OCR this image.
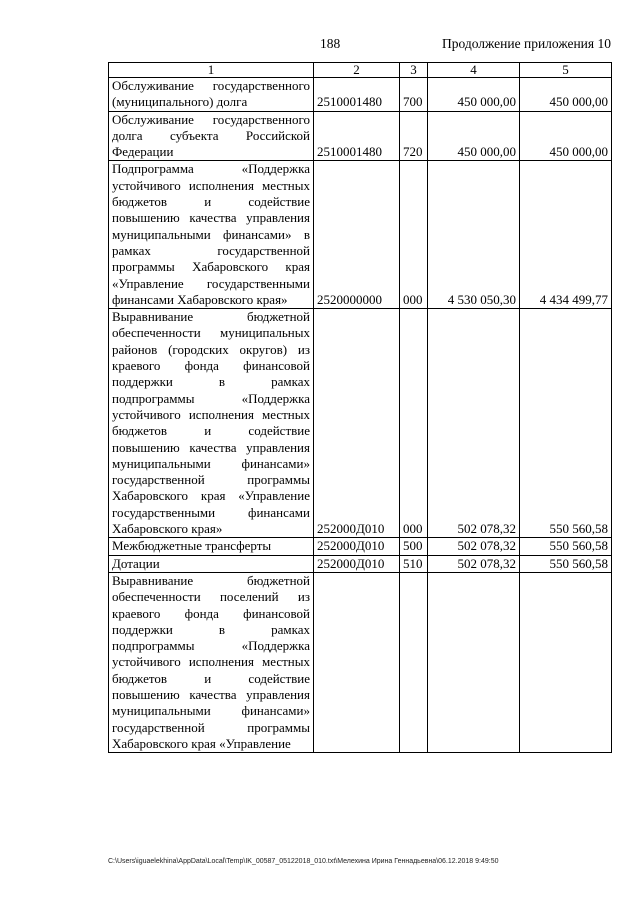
188	Продолжение приложения 10
1	2	3	4	5
Обслуживание государственного (муниципального) долга	2510001480	700	450 000,00	450 000,00
Обслуживание государственного долга субъекта Российской Федерации	2510001480	720	450 000,00	450 000,00
Подпрограмма «Поддержка устойчивого исполнения местных бюджетов и содействие повышению качества управления муниципальными финансами» в рамках государственной программы Хабаровского края «Управление государственными финансами Хабаровского края»	2520000000	000	4 530 050,30	4 434 499,77
Выравнивание бюджетной обеспеченности муниципальных районов (городских округов) из краевого фонда финансовой поддержки в рамках подпрограммы «Поддержка устойчивого исполнения местных бюджетов и содействие повышению качества управления муниципальными финансами» государственной программы Хабаровского края «Управление государственными финансами Хабаровского края»	252000Д010	000	502 078,32	550 560,58
Межбюджетные трансферты	252000Д010	500	502 078,32	550 560,58
Дотации	252000Д010	510	502 078,32	550 560,58
Выравнивание бюджетной обеспеченности поселений из краевого фонда финансовой поддержки в рамках подпрограммы «Поддержка устойчивого исполнения местных бюджетов и содействие повышению качества управления муниципальными финансами» государственной программы Хабаровского края «Управление				
C:\Users\iguaelekhina\AppData\Local\Temp\IK_00587_05122018_010.txt\Мелехина Ирина Геннадьевна\06.12.2018 9:49:50
